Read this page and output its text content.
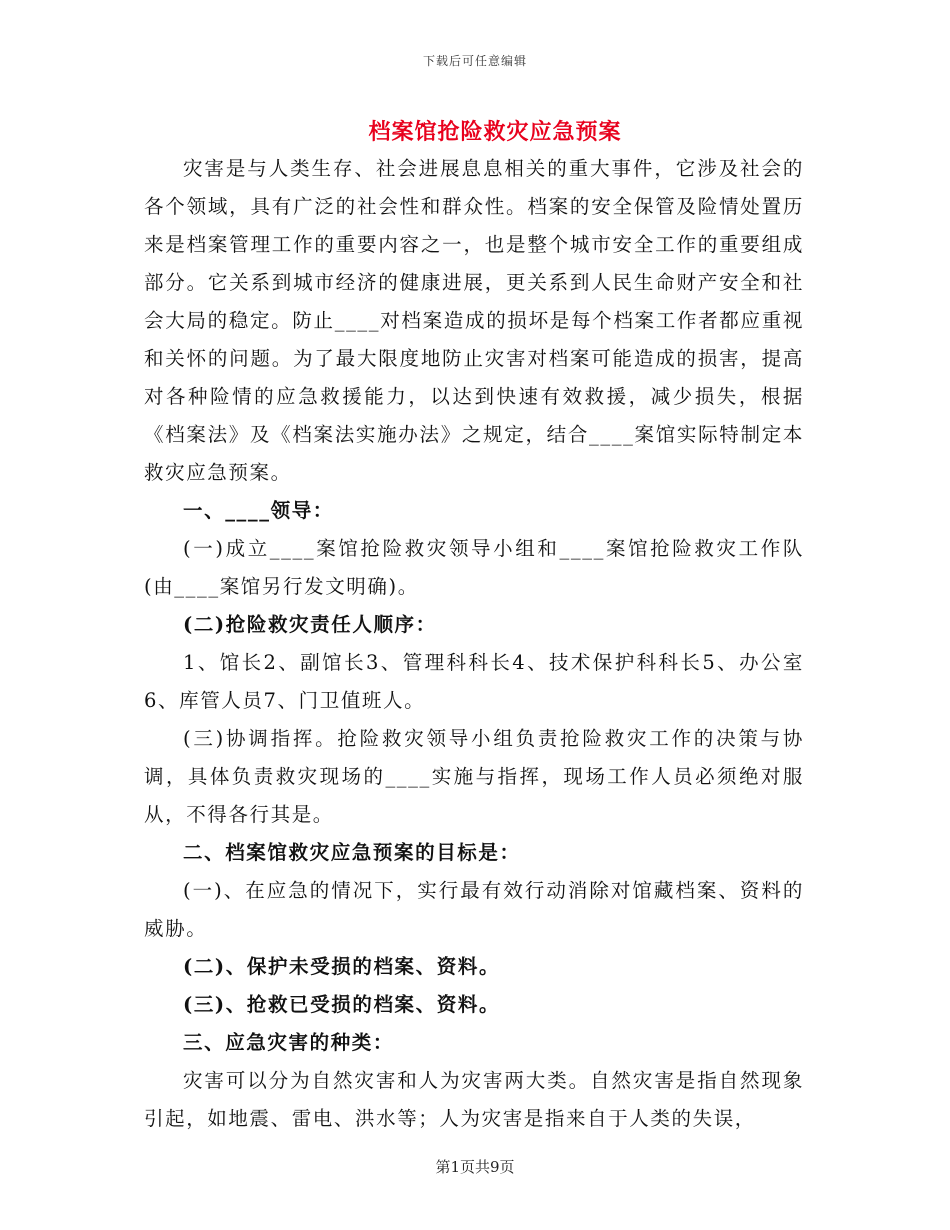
下载后可任意编辑
档案馆抢险救灾应急预案

灾害是与人类生存、社会进展息息相关的重大事件，它涉及社会的各个领域，具有广泛的社会性和群众性。档案的安全保管及险情处置历来是档案管理工作的重要内容之一，也是整个城市安全工作的重要组成部分。它关系到城市经济的健康进展，更关系到人民生命财产安全和社会大局的稳定。防止____对档案造成的损坏是每个档案工作者都应重视和关怀的问题。为了最大限度地防止灾害对档案可能造成的损害，提高对各种险情的应急救援能力，以达到快速有效救援，减少损失，根据《档案法》及《档案法实施办法》之规定，结合____案馆实际特制定本救灾应急预案。

一、____领导：

(一)成立____案馆抢险救灾领导小组和____案馆抢险救灾工作队(由____案馆另行发文明确)。

(二)抢险救灾责任人顺序：

1、馆长2、副馆长3、管理科科长4、技术保护科科长5、办公室6、库管人员7、门卫值班人。

(三)协调指挥。抢险救灾领导小组负责抢险救灾工作的决策与协调，具体负责救灾现场的____实施与指挥，现场工作人员必须绝对服从，不得各行其是。

二、档案馆救灾应急预案的目标是：

(一)、在应急的情况下，实行最有效行动消除对馆藏档案、资料的威胁。

(二)、保护未受损的档案、资料。

(三)、抢救已受损的档案、资料。

三、应急灾害的种类：

灾害可以分为自然灾害和人为灾害两大类。自然灾害是指自然现象引起，如地震、雷电、洪水等；人为灾害是指来自于人类的失误，

第1页共9页
